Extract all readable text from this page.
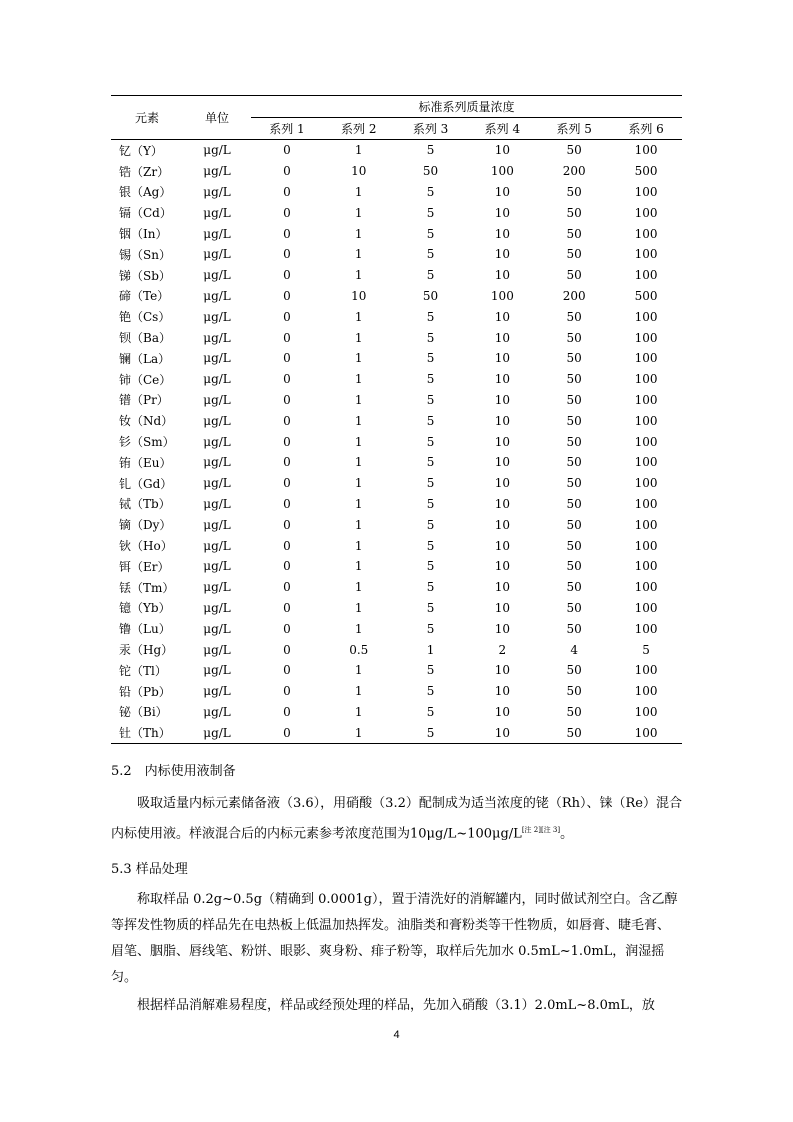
元素	单位	标准系列质量浓度					
		系列 1	系列 2	系列 3	系列 4	系列 5	系列 6
钇（Y）	μg/L	0	1	5	10	50	100
锆（Zr）	μg/L	0	10	50	100	200	500
银（Ag）	μg/L	0	1	5	10	50	100
镉（Cd）	μg/L	0	1	5	10	50	100
铟（In）	μg/L	0	1	5	10	50	100
锡（Sn）	μg/L	0	1	5	10	50	100
锑（Sb）	μg/L	0	1	5	10	50	100
碲（Te）	μg/L	0	10	50	100	200	500
铯（Cs）	μg/L	0	1	5	10	50	100
钡（Ba）	μg/L	0	1	5	10	50	100
镧（La）	μg/L	0	1	5	10	50	100
铈（Ce）	μg/L	0	1	5	10	50	100
镨（Pr）	μg/L	0	1	5	10	50	100
钕（Nd）	μg/L	0	1	5	10	50	100
钐（Sm）	μg/L	0	1	5	10	50	100
铕（Eu）	μg/L	0	1	5	10	50	100
钆（Gd）	μg/L	0	1	5	10	50	100
铽（Tb）	μg/L	0	1	5	10	50	100
镝（Dy）	μg/L	0	1	5	10	50	100
钬（Ho）	μg/L	0	1	5	10	50	100
铒（Er）	μg/L	0	1	5	10	50	100
铥（Tm）	μg/L	0	1	5	10	50	100
镱（Yb）	μg/L	0	1	5	10	50	100
镥（Lu）	μg/L	0	1	5	10	50	100
汞（Hg）	μg/L	0	0.5	1	2	4	5
铊（Tl）	μg/L	0	1	5	10	50	100
铅（Pb）	μg/L	0	1	5	10	50	100
铋（Bi）	μg/L	0	1	5	10	50	100
钍（Th）	μg/L	0	1	5	10	50	100

5.2　内标使用液制备

吸取适量内标元素储备液（3.6），用硝酸（3.2）配制成为适当浓度的铑（Rh）、铼（Re）混合内标使用液。样液混合后的内标元素参考浓度范围为10μg/L~100μg/L[注 2][注 3]。

5.3 样品处理

称取样品 0.2g~0.5g（精确到 0.0001g），置于清洗好的消解罐内，同时做试剂空白。含乙醇等挥发性物质的样品先在电热板上低温加热挥发。油脂类和膏粉类等干性物质，如唇膏、睫毛膏、眉笔、胭脂、唇线笔、粉饼、眼影、爽身粉、痱子粉等，取样后先加水 0.5mL~1.0mL，润湿摇匀。

根据样品消解难易程度，样品或经预处理的样品，先加入硝酸（3.1）2.0mL~8.0mL，放

4
